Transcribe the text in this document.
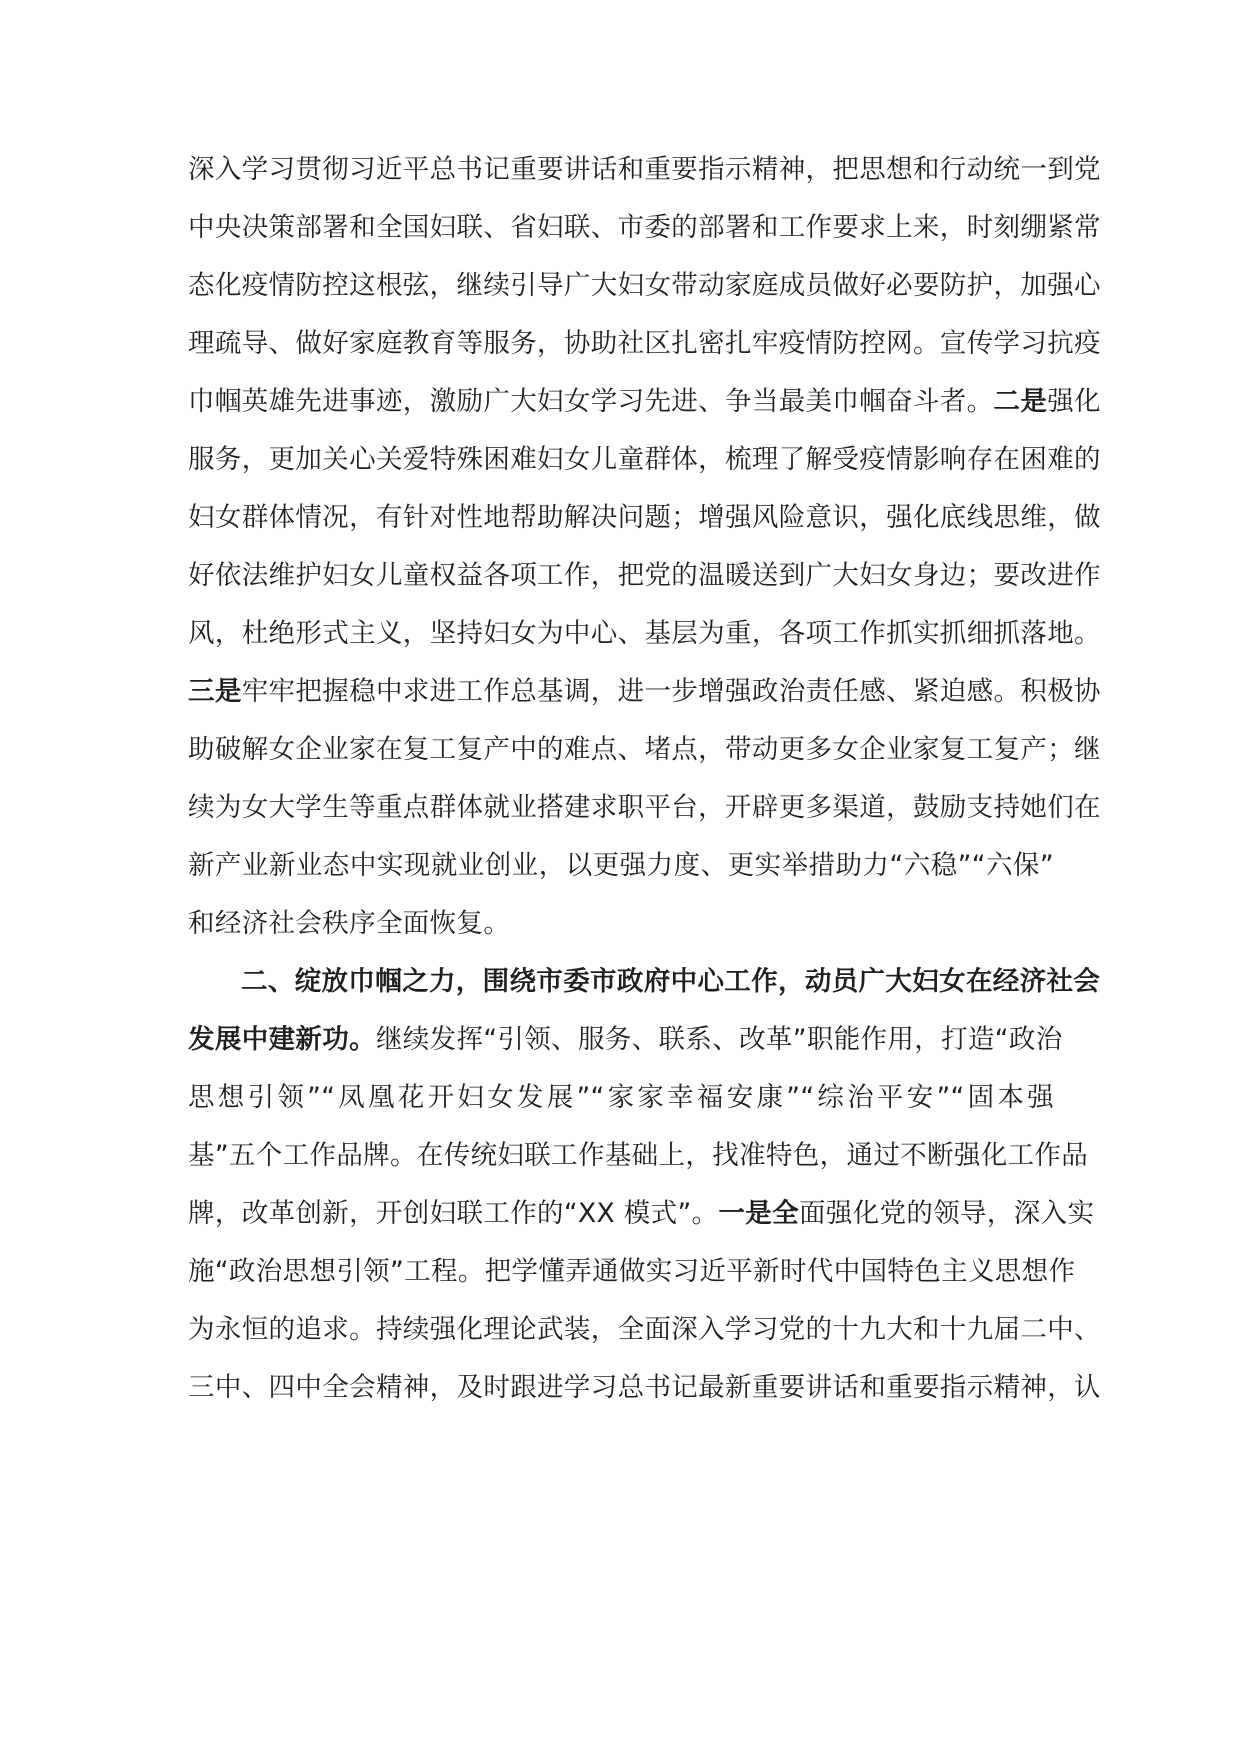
深入学习贯彻习近平总书记重要讲话和重要指示精神，把思想和行动统一到党
中央决策部署和全国妇联、省妇联、市委的部署和工作要求上来，时刻绷紧常
态化疫情防控这根弦，继续引导广大妇女带动家庭成员做好必要防护，加强心
理疏导、做好家庭教育等服务，协助社区扎密扎牢疫情防控网。宣传学习抗疫
巾帼英雄先进事迹，激励广大妇女学习先进、争当最美巾帼奋斗者。二是强化
服务，更加关心关爱特殊困难妇女儿童群体，梳理了解受疫情影响存在困难的
妇女群体情况，有针对性地帮助解决问题；增强风险意识，强化底线思维，做
好依法维护妇女儿童权益各项工作，把党的温暖送到广大妇女身边；要改进作
风，杜绝形式主义，坚持妇女为中心、基层为重，各项工作抓实抓细抓落地。
三是牢牢把握稳中求进工作总基调，进一步增强政治责任感、紧迫感。积极协
助破解女企业家在复工复产中的难点、堵点，带动更多女企业家复工复产；继
续为女大学生等重点群体就业搭建求职平台，开辟更多渠道，鼓励支持她们在
新产业新业态中实现就业创业，以更强力度、更实举措助力“六稳”“六保”
和经济社会秩序全面恢复。
二、绽放巾帼之力，围绕市委市政府中心工作，动员广大妇女在经济社会
发展中建新功。继续发挥“引领、服务、联系、改革”职能作用，打造“政治
思想引领”“凤凰花开妇女发展”“家家幸福安康”“综治平安”“固本强
基”五个工作品牌。在传统妇联工作基础上，找准特色，通过不断强化工作品
牌，改革创新，开创妇联工作的“XX 模式”。一是全面强化党的领导，深入实
施“政治思想引领”工程。把学懂弄通做实习近平新时代中国特色主义思想作
为永恒的追求。持续强化理论武装，全面深入学习党的十九大和十九届二中、
三中、四中全会精神，及时跟进学习总书记最新重要讲话和重要指示精神，认
